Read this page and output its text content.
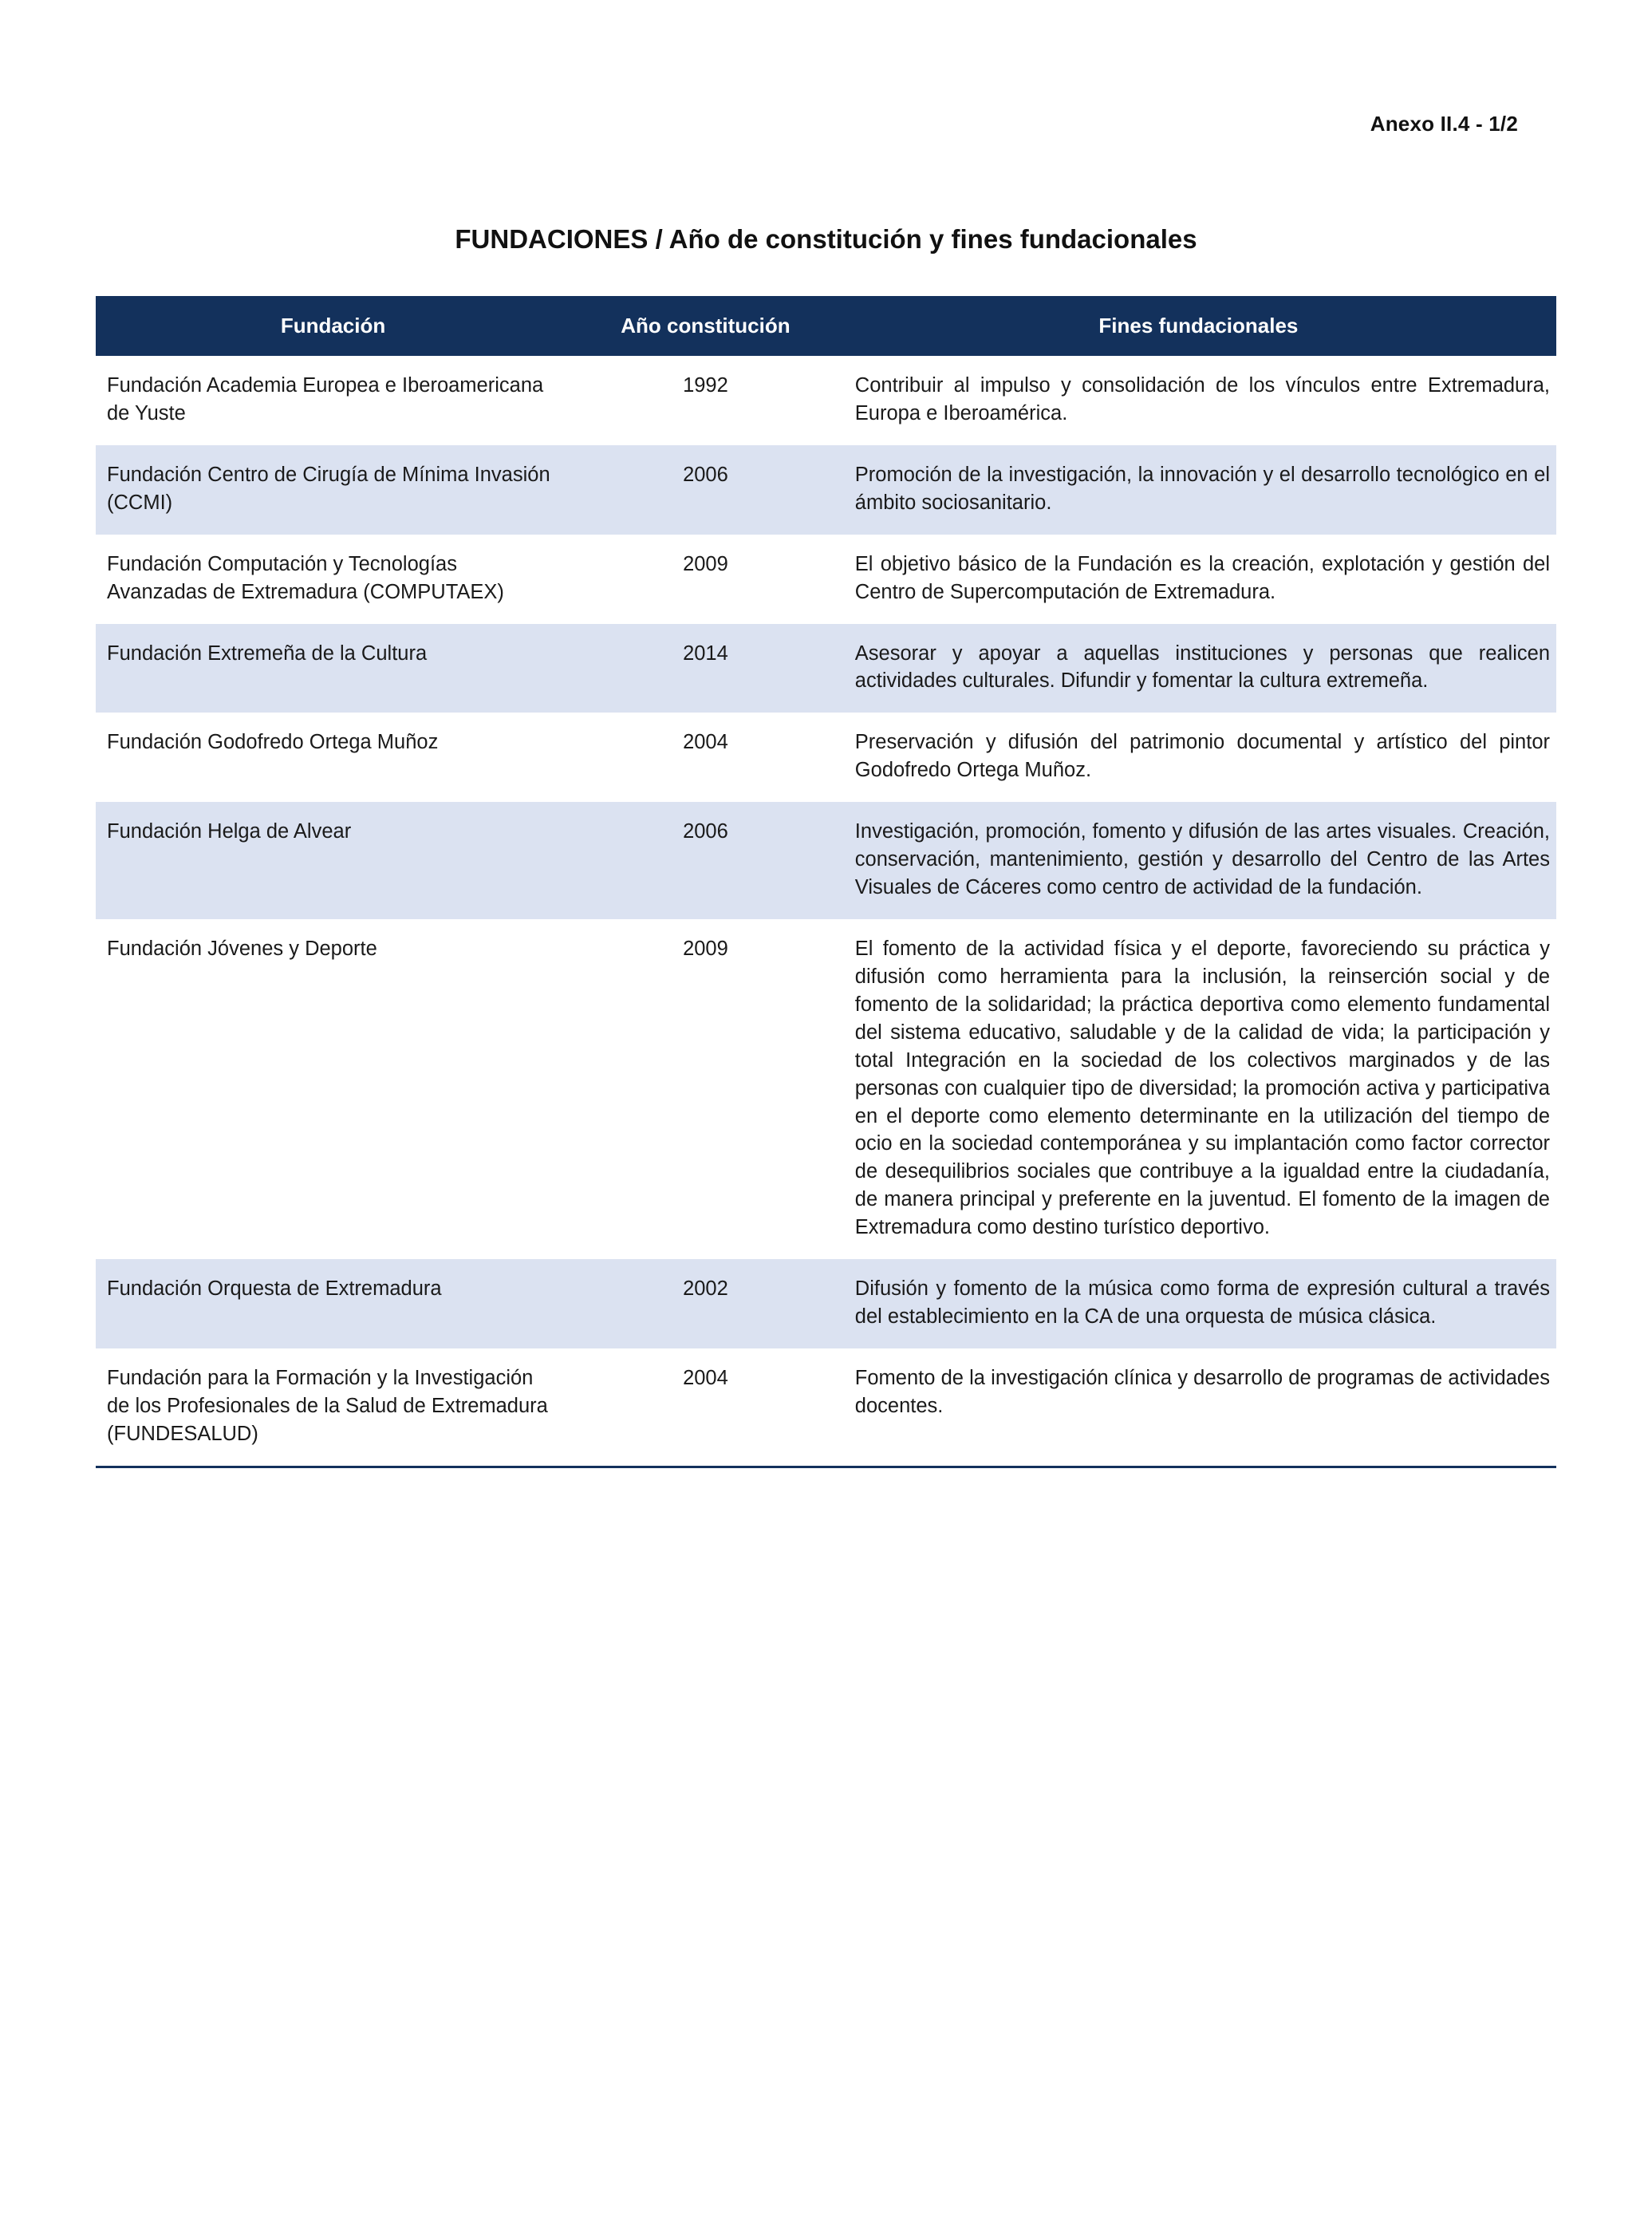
Anexo II.4 - 1/2
FUNDACIONES / Año de constitución y fines fundacionales
Fundación	Año constitución	Fines fundacionales
Fundación Academia Europea e Iberoamericana de Yuste	1992	Contribuir al impulso y consolidación de los vínculos entre Extremadura, Europa e Iberoamérica.
Fundación Centro de Cirugía de Mínima Invasión (CCMI)	2006	Promoción de la investigación, la innovación y el desarrollo tecnológico en el ámbito sociosanitario.
Fundación Computación y Tecnologías Avanzadas de Extremadura (COMPUTAEX)	2009	El objetivo básico de la Fundación es la creación, explotación y gestión del Centro de Supercomputación de Extremadura.
Fundación Extremeña de la Cultura	2014	Asesorar y apoyar a aquellas instituciones y personas que realicen actividades culturales. Difundir y fomentar la cultura extremeña.
Fundación Godofredo Ortega Muñoz	2004	Preservación y difusión del patrimonio documental y artístico del pintor Godofredo Ortega Muñoz.
Fundación Helga de Alvear	2006	Investigación, promoción, fomento y difusión de las artes visuales. Creación, conservación, mantenimiento, gestión y desarrollo del Centro de las Artes Visuales de Cáceres como centro de actividad de la fundación.
Fundación Jóvenes y Deporte	2009	El fomento de la actividad física y el deporte, favoreciendo su práctica y difusión como herramienta para la inclusión, la reinserción social y de fomento de la solidaridad; la práctica deportiva como elemento fundamental del sistema educativo, saludable y de la calidad de vida; la participación y total Integración en la sociedad de los colectivos marginados y de las personas con cualquier tipo de diversidad; la promoción activa y participativa en el deporte como elemento determinante en la utilización del tiempo de ocio en la sociedad contemporánea y su implantación como factor corrector de desequilibrios sociales que contribuye a la igualdad entre la ciudadanía, de manera principal y preferente en la juventud. El fomento de la imagen de Extremadura como destino turístico deportivo.
Fundación Orquesta de Extremadura	2002	Difusión y fomento de la música como forma de expresión cultural a través del establecimiento en la CA de una orquesta de música clásica.
Fundación para la Formación y la Investigación de los Profesionales de la Salud de Extremadura (FUNDESALUD)	2004	Fomento de la investigación clínica y desarrollo de programas de actividades docentes.
